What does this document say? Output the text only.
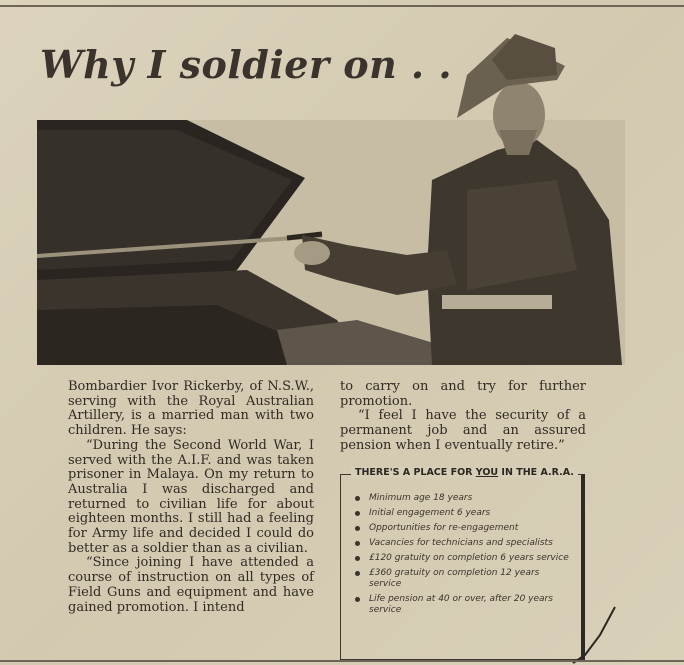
Why I soldier on . .

Bombardier Ivor Rickerby, of N.S.W., serving with the Royal Australian Artillery, is a married man with two children. He says:

“During the Second World War, I served with the A.I.F. and was taken prisoner in Malaya. On my return to Australia I was discharged and returned to civilian life for about eighteen months. I still had a feeling for Army life and decided I could do better as a soldier than as a civilian.

“Since joining I have attended a course of instruction on all types of Field Guns and equipment and have gained promotion. I intend

to carry on and try for further promotion.

“I feel I have the security of a permanent job and an assured pension when I eventually retire.”

THERE'S A PLACE FOR YOU IN THE A.R.A.
Minimum age 18 years
Initial engagement 6 years
Opportunities for re-engagement
Vacancies for technicians and specialists
£120 gratuity on completion 6 years service
£360 gratuity on completion 12 years service
Life pension at 40 or over, after 20 years service
